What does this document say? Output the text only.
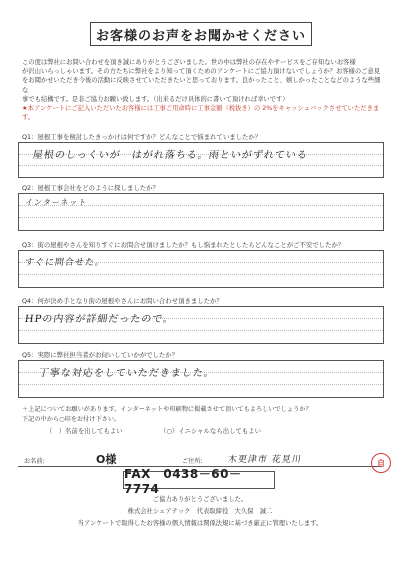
お客様のお声をお聞かせください

この度は弊社にお問い合わせを頂き誠にありがとうございました。世の中は弊社の存在やサービスをご存知ないお客様

が沢山いらっしゃいます。その方たちに弊社をより知って頂くためのアンケートにご協力頂けないでしょうか？お客様のご意見

をお聞かせいただき今後の活動に反映させていただきたいと思っております。良かったこと、嬉しかったことなどのような些細な

事でも結構です。是非ご協力お願い致します。（出来るだけ具体的に書いて頂ければ幸いです）

★本アンケートにご記入いただいたお客様には工事ご用命時に工事金額（税抜き）の 2%をキャッシュバックさせていただきます。

Q1：屋根工事を検討したきっかけは何ですか？どんなことで悩まれていましたか？
屋根のしっくいが　はがれ落ちる。雨といがずれている
Q2：屋根工事会社をどのように探しましたか？
インターネット
Q3：街の屋根やさんを知りすぐにお問合せ頂けましたか？もし悩まれたとしたらどんなことがご不安でしたか？
すぐに問合せた。
Q4：何が決め手となり街の屋根やさんにお問い合わせ頂きましたか？
HPの内容が詳細だったので。
Q5：実際に弊社担当者がお伺いしていかがでしたか？
丁寧な対応をしていただきました。
＋上記についてお願いがあります。インターネットや印刷物に掲載させて頂いてもよろしいでしょうか？
下記の中から○印をお付け下さい。
（　）名前を出してもよい	（○）イニシャルなら出してもよい
お名前:	O様	ご住所:	木更津市 花見川	自
FAX　0438－60－7774
ご協力ありがとうございました。
株式会社シェアテック　代表取締役　大久保　誠二
当アンケートで取得したお客様の個人情報は関係法規に基づき厳正に管理いたします。
